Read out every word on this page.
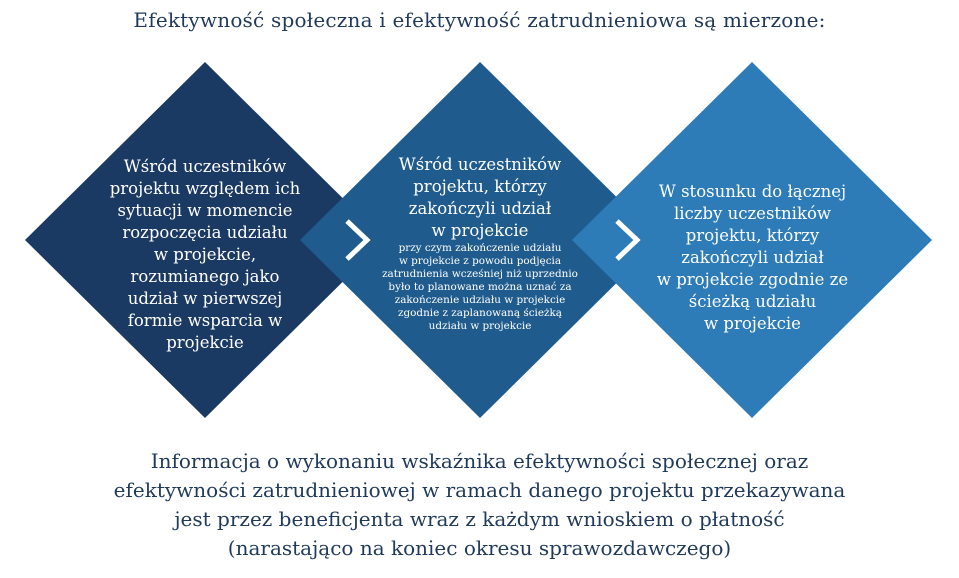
Efektywność społeczna i efektywność zatrudnieniowa są mierzone:
Wśród uczestników
projektu względem ich
sytuacji w momencie
rozpoczęcia udziału
w projekcie,
rozumianego jako
udział w pierwszej
formie wsparcia w
projekcie
Wśród uczestników
projektu, którzy
zakończyli udział
w projekcie
przy czym zakończenie udziału
w projekcie z powodu podjęcia
zatrudnienia wcześniej niż uprzednio
było to planowane można uznać za
zakończenie udziału w projekcie
zgodnie z zaplanowaną ścieżką
udziału w projekcie
W stosunku do łącznej
liczby uczestników
projektu, którzy
zakończyli udział
w projekcie zgodnie ze
ścieżką udziału
w projekcie
Informacja o wykonaniu wskaźnika efektywności społecznej oraz
efektywności zatrudnieniowej w ramach danego projektu przekazywana
jest przez beneficjenta wraz z każdym wnioskiem o płatność
(narastająco na koniec okresu sprawozdawczego)
